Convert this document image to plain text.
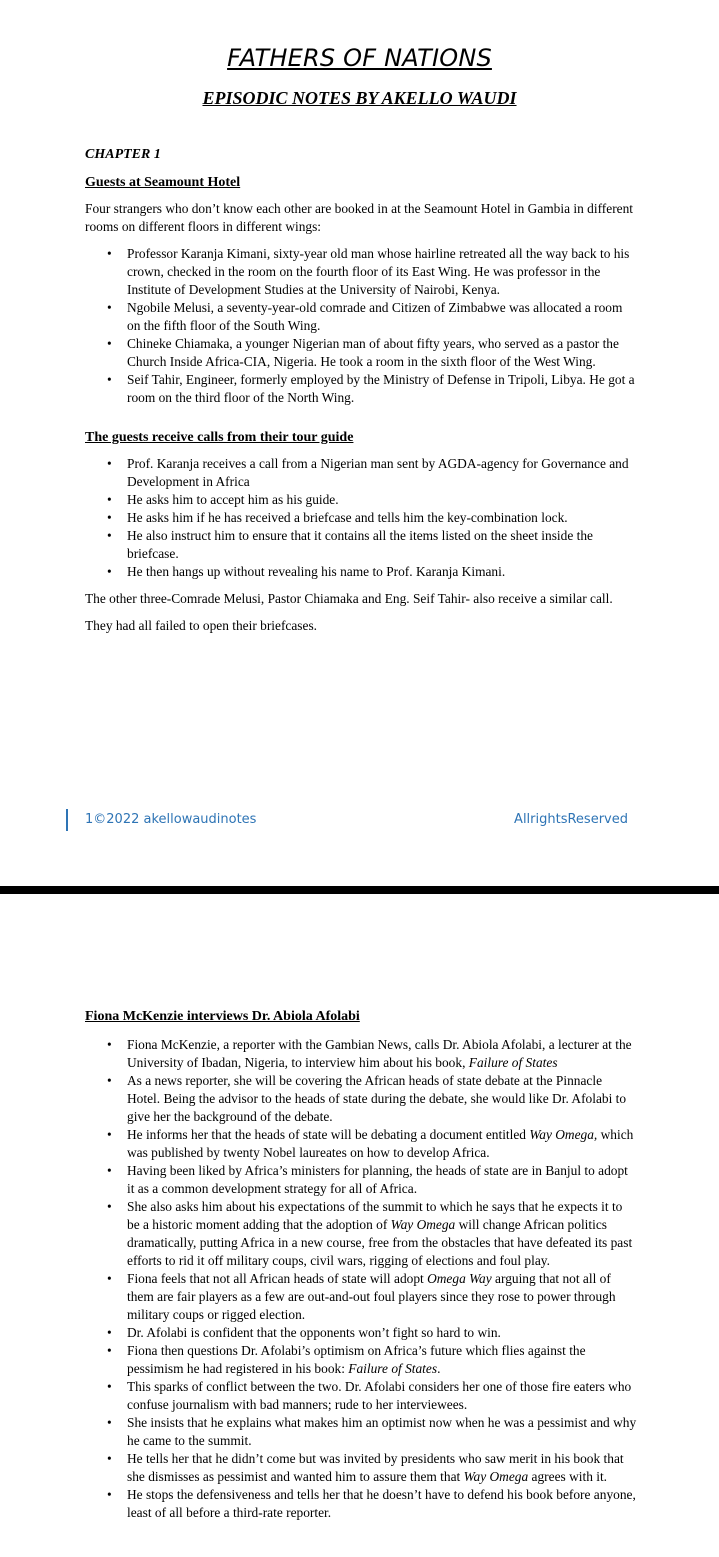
FATHERS OF NATIONS
EPISODIC NOTES BY AKELLO WAUDI
CHAPTER 1
Guests at Seamount Hotel

Four strangers who don’t know each other are booked in at the Seamount Hotel in Gambia in different rooms on different floors in different wings:

• Professor Karanja Kimani, sixty-year old man whose hairline retreated all the way back to his crown, checked in the room on the fourth floor of its East Wing. He was professor in the Institute of Development Studies at the University of Nairobi, Kenya.
• Ngobile Melusi, a seventy-year-old comrade and Citizen of Zimbabwe was allocated a room on the fifth floor of the South Wing.
• Chineke Chiamaka, a younger Nigerian man of about fifty years, who served as a pastor the Church Inside Africa-CIA, Nigeria. He took a room in the sixth floor of the West Wing.
• Seif Tahir, Engineer, formerly employed by the Ministry of Defense in Tripoli, Libya. He got a room on the third floor of the North Wing.
The guests receive calls from their tour guide
• Prof. Karanja receives a call from a Nigerian man sent by AGDA-agency for Governance and Development in Africa
• He asks him to accept him as his guide.
• He asks him if he has received a briefcase and tells him the key-combination lock.
• He also instruct him to ensure that it contains all the items listed on the sheet inside the briefcase.
• He then hangs up without revealing his name to Prof. Karanja Kimani.

The other three-Comrade Melusi, Pastor Chiamaka and Eng. Seif Tahir- also receive a similar call.

They had all failed to open their briefcases.

1©2022 akellowaudinotes	AllrightsReserved
Fiona McKenzie interviews Dr. Abiola Afolabi
• Fiona McKenzie, a reporter with the Gambian News, calls Dr. Abiola Afolabi, a lecturer at the University of Ibadan, Nigeria, to interview him about his book, Failure of States
• As a news reporter, she will be covering the African heads of state debate at the Pinnacle Hotel. Being the advisor to the heads of state during the debate, she would like Dr. Afolabi to give her the background of the debate.
• He informs her that the heads of state will be debating a document entitled Way Omega, which was published by twenty Nobel laureates on how to develop Africa.
• Having been liked by Africa’s ministers for planning, the heads of state are in Banjul to adopt it as a common development strategy for all of Africa.
• She also asks him about his expectations of the summit to which he says that he expects it to be a historic moment adding that the adoption of Way Omega will change African politics dramatically, putting Africa in a new course, free from the obstacles that have defeated its past efforts to rid it off military coups, civil wars, rigging of elections and foul play.
• Fiona feels that not all African heads of state will adopt Omega Way arguing that not all of them are fair players as a few are out-and-out foul players since they rose to power through military coups or rigged election.
• Dr. Afolabi is confident that the opponents won’t fight so hard to win.
• Fiona then questions Dr. Afolabi’s optimism on Africa’s future which flies against the pessimism he had registered in his book: Failure of States.
• This sparks of conflict between the two. Dr. Afolabi considers her one of those fire eaters who confuse journalism with bad manners; rude to her interviewees.
• She insists that he explains what makes him an optimist now when he was a pessimist and why he came to the summit.
• He tells her that he didn’t come but was invited by presidents who saw merit in his book that she dismisses as pessimist and wanted him to assure them that Way Omega agrees with it.
• He stops the defensiveness and tells her that he doesn’t have to defend his book before anyone, least of all before a third-rate reporter.
